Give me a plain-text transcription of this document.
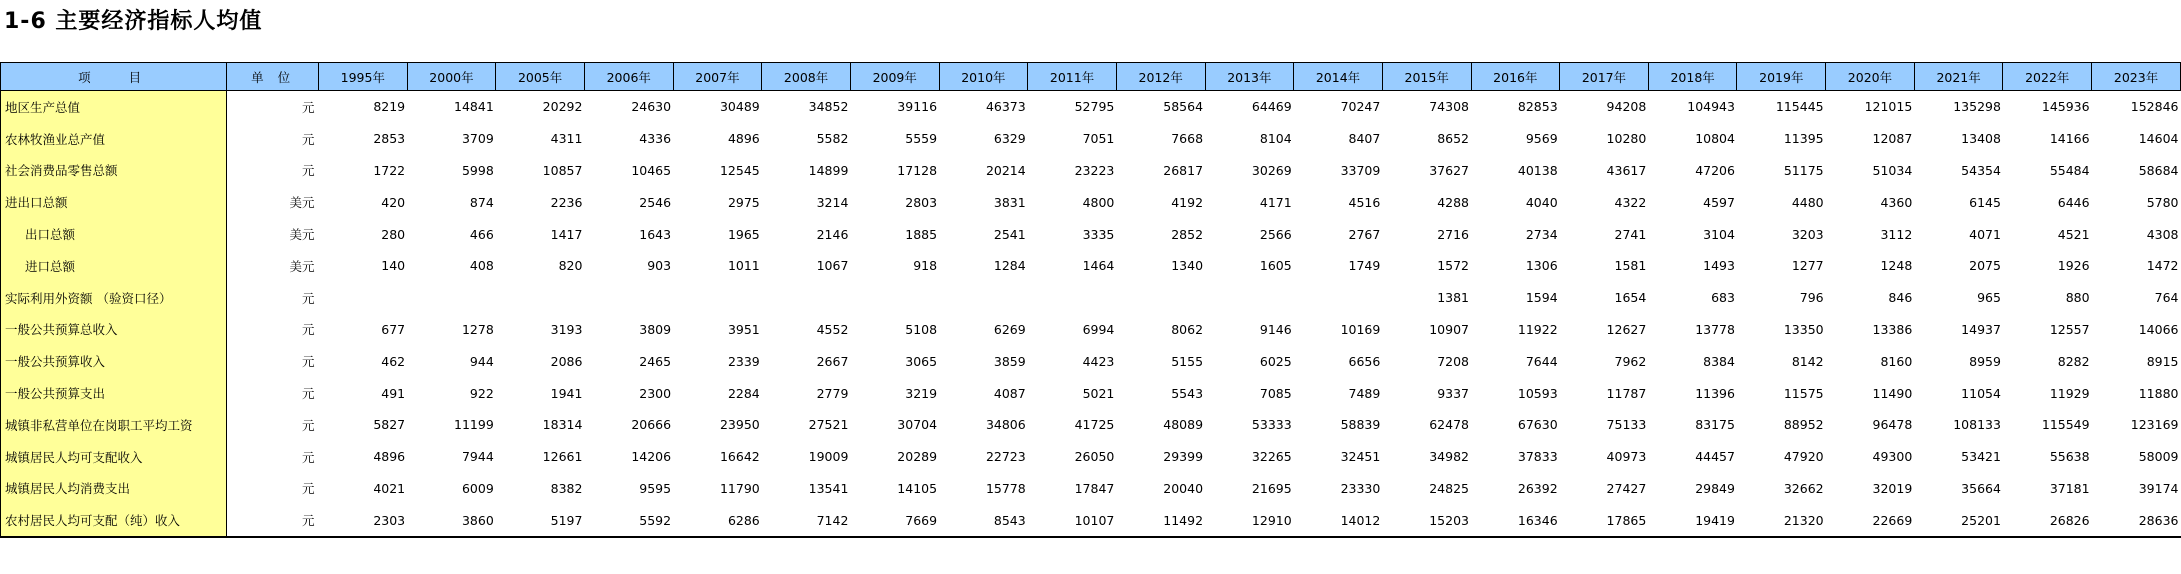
1-6 主要经济指标人均值
项目	单位	1995年	2000年	2005年	2006年	2007年	2008年	2009年	2010年	2011年	2012年	2013年	2014年	2015年	2016年	2017年	2018年	2019年	2020年	2021年	2022年	2023年
地区生产总值	元	8219	14841	20292	24630	30489	34852	39116	46373	52795	58564	64469	70247	74308	82853	94208	104943	115445	121015	135298	145936	152846
农林牧渔业总产值	元	2853	3709	4311	4336	4896	5582	5559	6329	7051	7668	8104	8407	8652	9569	10280	10804	11395	12087	13408	14166	14604
社会消费品零售总额	元	1722	5998	10857	10465	12545	14899	17128	20214	23223	26817	30269	33709	37627	40138	43617	47206	51175	51034	54354	55484	58684
进出口总额	美元	420	874	2236	2546	2975	3214	2803	3831	4800	4192	4171	4516	4288	4040	4322	4597	4480	4360	6145	6446	5780
出口总额	美元	280	466	1417	1643	1965	2146	1885	2541	3335	2852	2566	2767	2716	2734	2741	3104	3203	3112	4071	4521	4308
进口总额	美元	140	408	820	903	1011	1067	918	1284	1464	1340	1605	1749	1572	1306	1581	1493	1277	1248	2075	1926	1472
实际利用外资额 （验资口径）	元													1381	1594	1654	683	796	846	965	880	764
一般公共预算总收入	元	677	1278	3193	3809	3951	4552	5108	6269	6994	8062	9146	10169	10907	11922	12627	13778	13350	13386	14937	12557	14066
一般公共预算收入	元	462	944	2086	2465	2339	2667	3065	3859	4423	5155	6025	6656	7208	7644	7962	8384	8142	8160	8959	8282	8915
一般公共预算支出	元	491	922	1941	2300	2284	2779	3219	4087	5021	5543	7085	7489	9337	10593	11787	11396	11575	11490	11054	11929	11880
城镇非私营单位在岗职工平均工资	元	5827	11199	18314	20666	23950	27521	30704	34806	41725	48089	53333	58839	62478	67630	75133	83175	88952	96478	108133	115549	123169
城镇居民人均可支配收入	元	4896	7944	12661	14206	16642	19009	20289	22723	26050	29399	32265	32451	34982	37833	40973	44457	47920	49300	53421	55638	58009
城镇居民人均消费支出	元	4021	6009	8382	9595	11790	13541	14105	15778	17847	20040	21695	23330	24825	26392	27427	29849	32662	32019	35664	37181	39174
农村居民人均可支配（纯）收入	元	2303	3860	5197	5592	6286	7142	7669	8543	10107	11492	12910	14012	15203	16346	17865	19419	21320	22669	25201	26826	28636
